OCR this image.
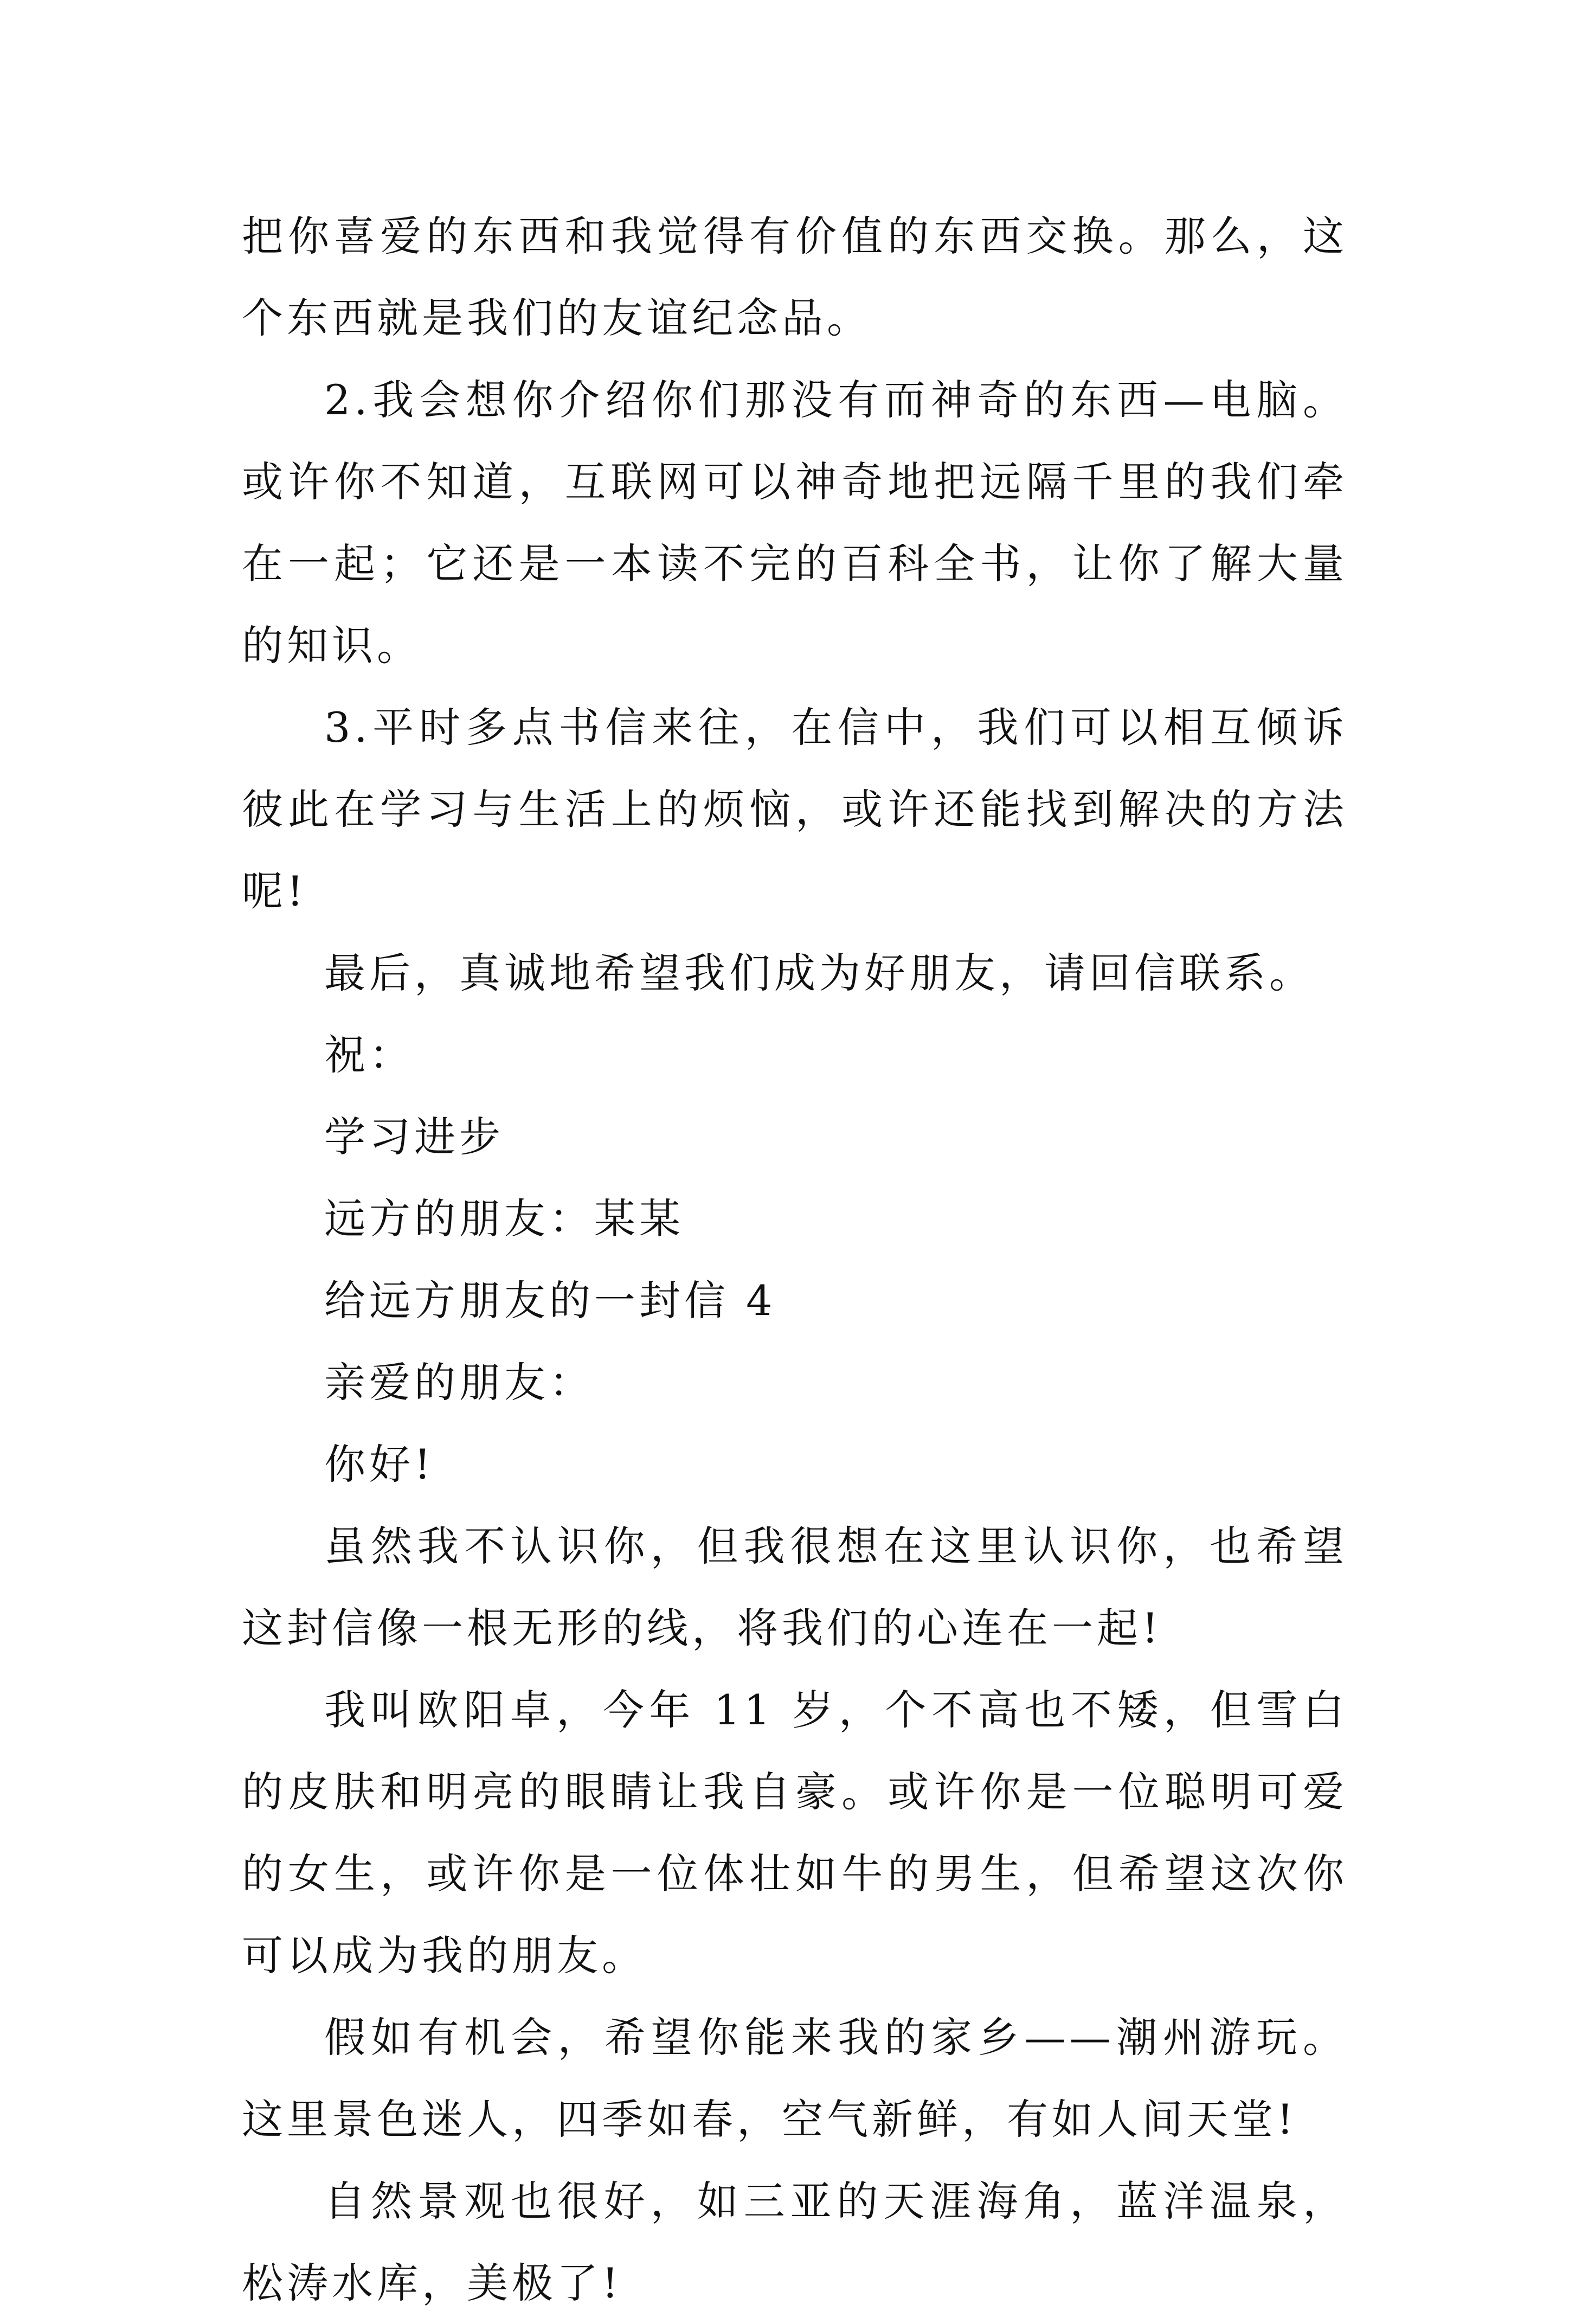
把你喜爱的东西和我觉得有价值的东西交换。那么，这个东西就是我们的友谊纪念品。

2.我会想你介绍你们那没有而神奇的东西—电脑。或许你不知道，互联网可以神奇地把远隔千里的我们牵在一起；它还是一本读不完的百科全书，让你了解大量的知识。

3.平时多点书信来往，在信中，我们可以相互倾诉彼此在学习与生活上的烦恼，或许还能找到解决的方法呢!

最后，真诚地希望我们成为好朋友，请回信联系。

祝：

学习进步

远方的朋友：某某

给远方朋友的一封信 4

亲爱的朋友：

你好!

虽然我不认识你，但我很想在这里认识你，也希望这封信像一根无形的线，将我们的心连在一起!

我叫欧阳卓，今年 11 岁，个不高也不矮，但雪白的皮肤和明亮的眼睛让我自豪。或许你是一位聪明可爱的女生，或许你是一位体壮如牛的男生，但希望这次你可以成为我的朋友。

假如有机会，希望你能来我的家乡——潮州游玩。这里景色迷人，四季如春，空气新鲜，有如人间天堂!

自然景观也很好，如三亚的天涯海角，蓝洋温泉，松涛水库，美极了!
